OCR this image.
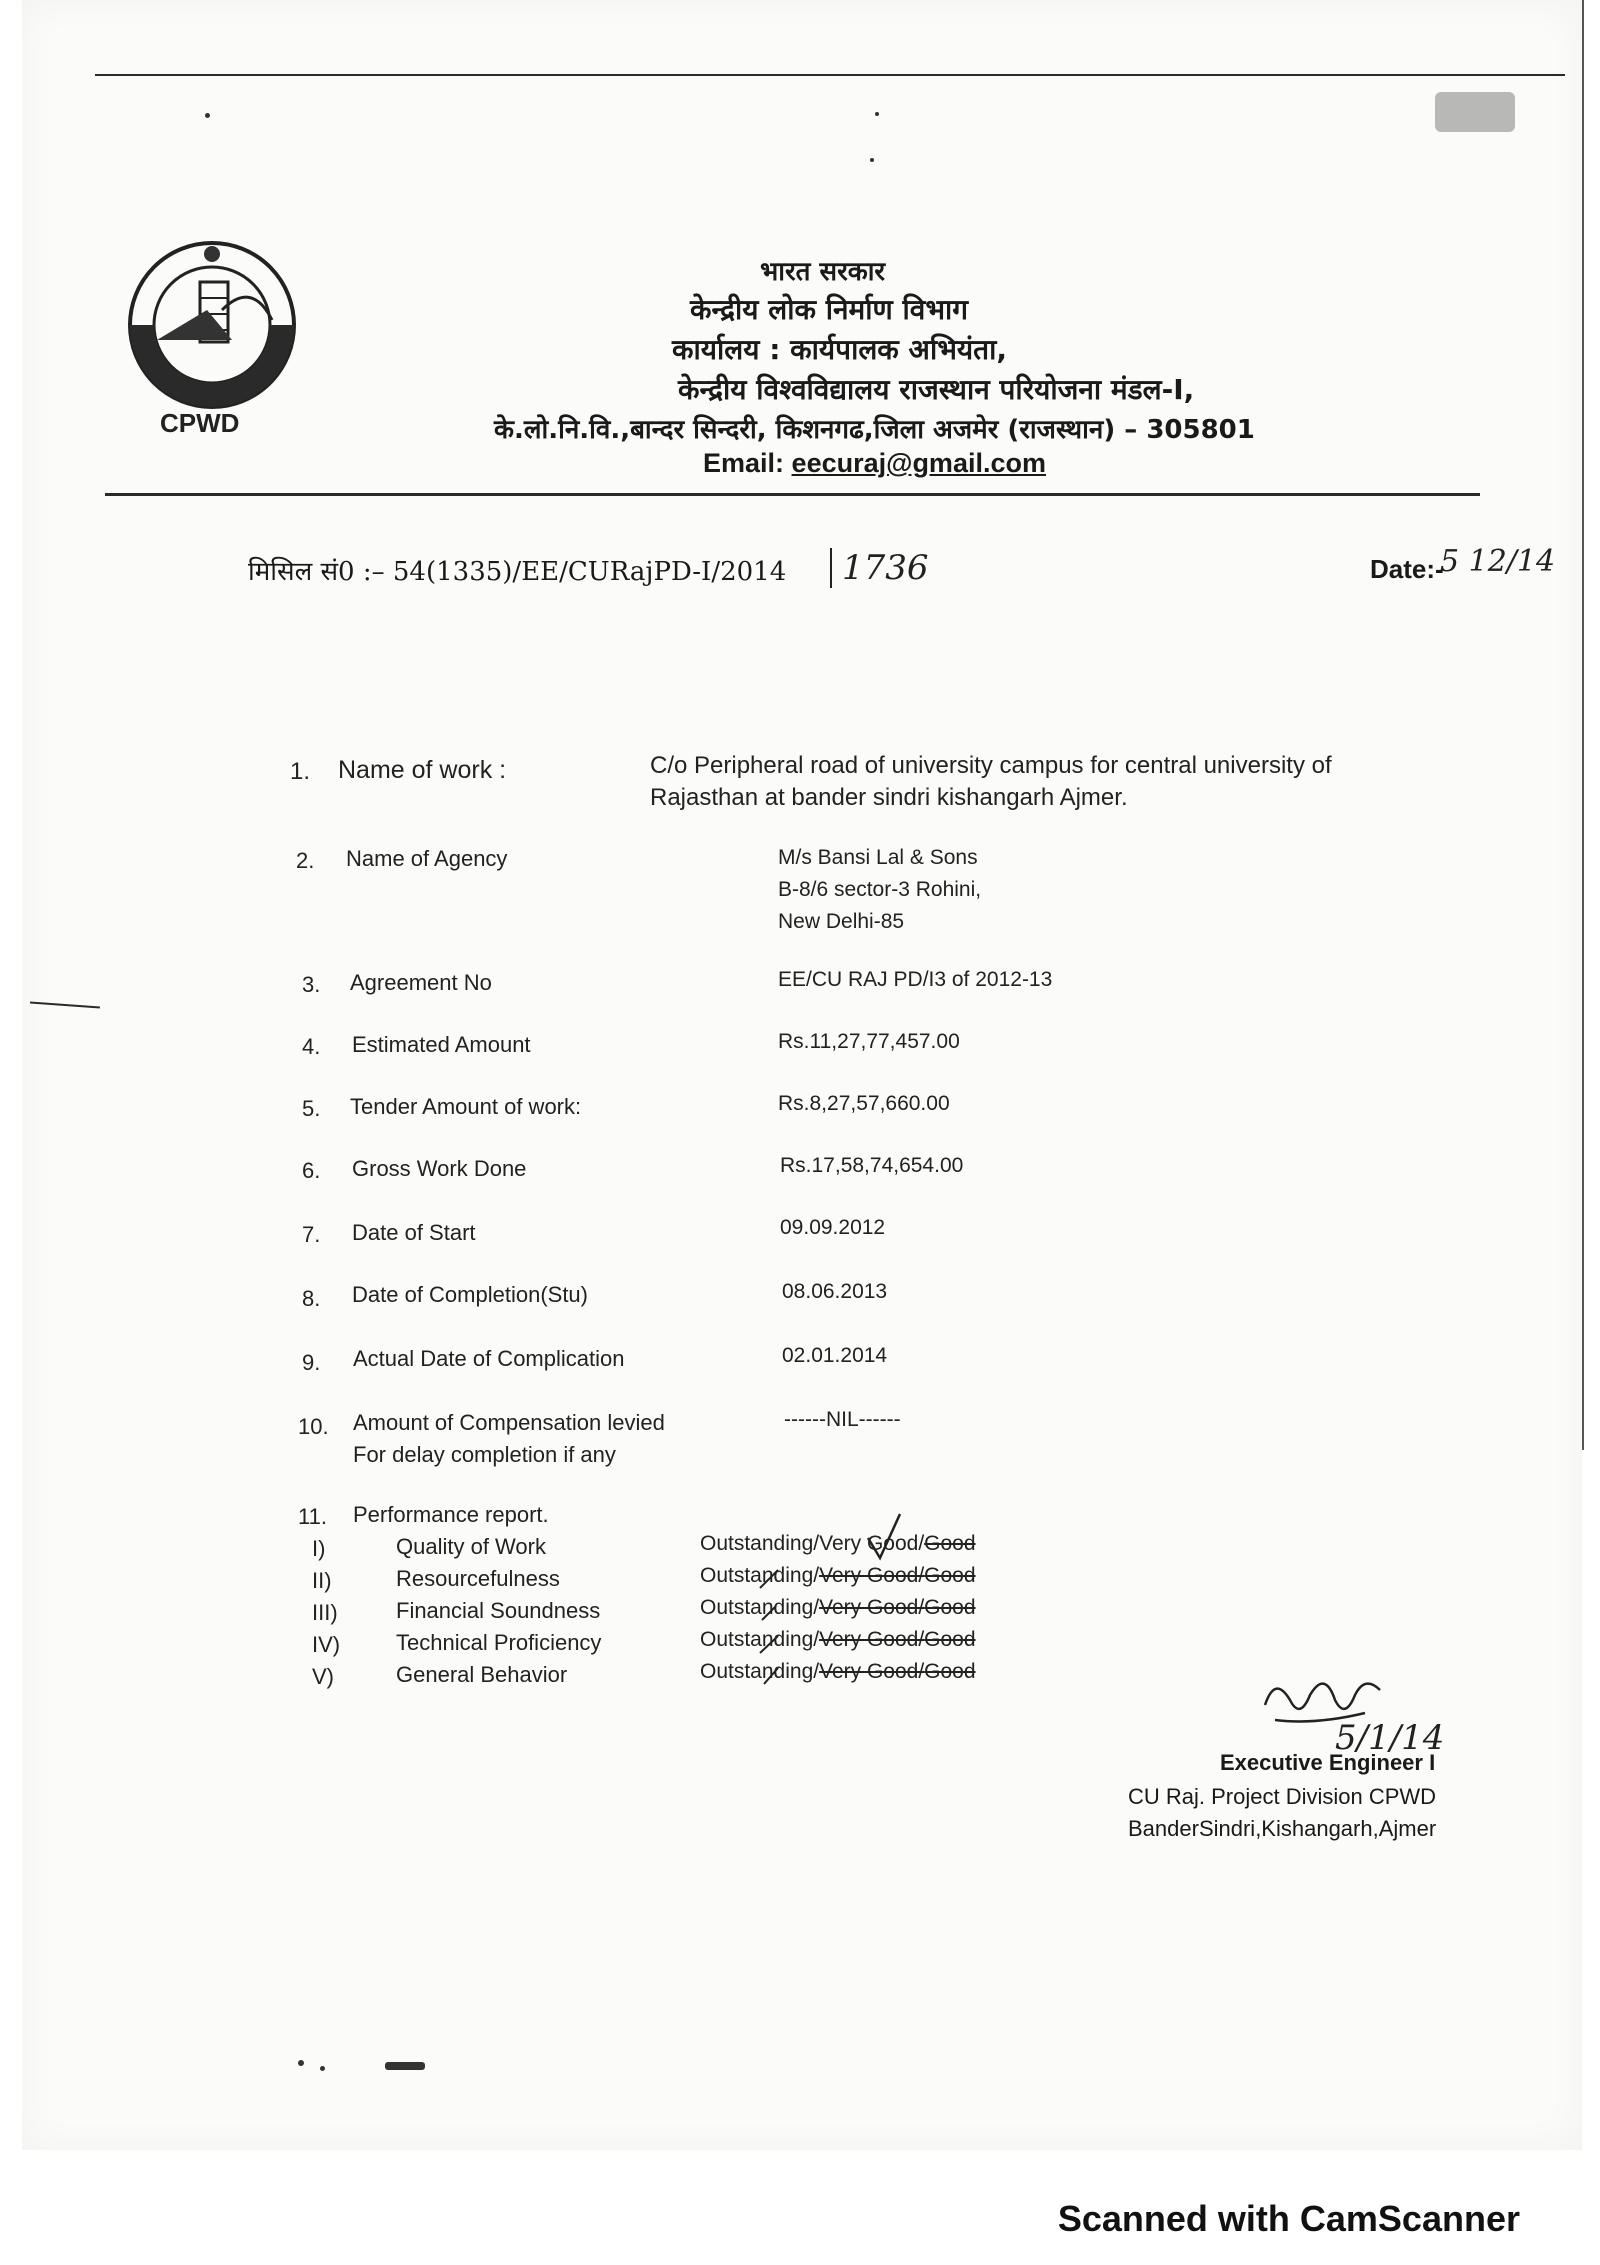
CPWD
भारत सरकार
केन्द्रीय लोक निर्माण विभाग
कार्यालय : कार्यपालक अभियंता,
केन्द्रीय विश्वविद्यालय राजस्थान परियोजना मंडल-I,
के.लो.नि.वि.,बान्दर सिन्दरी, किशनगढ,जिला अजमेर (राजस्थान) – 305801
Email: eecuraj@gmail.com
मिसिल सं0 :– 54(1335)/EE/CURajPD-I/2014	1736	Date:-
5 12/14
1. Name of work :	C/o Peripheral road of university campus for central university of
Rajasthan at bander sindri kishangarh Ajmer.
2. Name of Agency	M/s Bansi Lal & Sons
B-8/6 sector-3 Rohini,
New Delhi-85
3. Agreement No	EE/CU RAJ PD/I3 of 2012-13
4. Estimated Amount	Rs.11,27,77,457.00
5. Tender Amount of work:	Rs.8,27,57,660.00
6. Gross Work Done	Rs.17,58,74,654.00
7. Date of Start	09.09.2012
8. Date of Completion(Stu)	08.06.2013
9. Actual Date of Complication	02.01.2014
10. Amount of Compensation levied
For delay completion if any
------NIL------
11. Performance report.
I)	Quality of Work	Outstanding/Very Good/Good
II)	Resourcefulness	Outstanding/Very Good/Good
III)	Financial Soundness	Outstanding/Very Good/Good
IV)	Technical Proficiency	Outstanding/Very Good/Good
V)	General Behavior	Outstanding/Very Good/Good
5/1/14
Executive Engineer I
CU Raj. Project Division CPWD
BanderSindri,Kishangarh,Ajmer
Scanned with CamScanner
